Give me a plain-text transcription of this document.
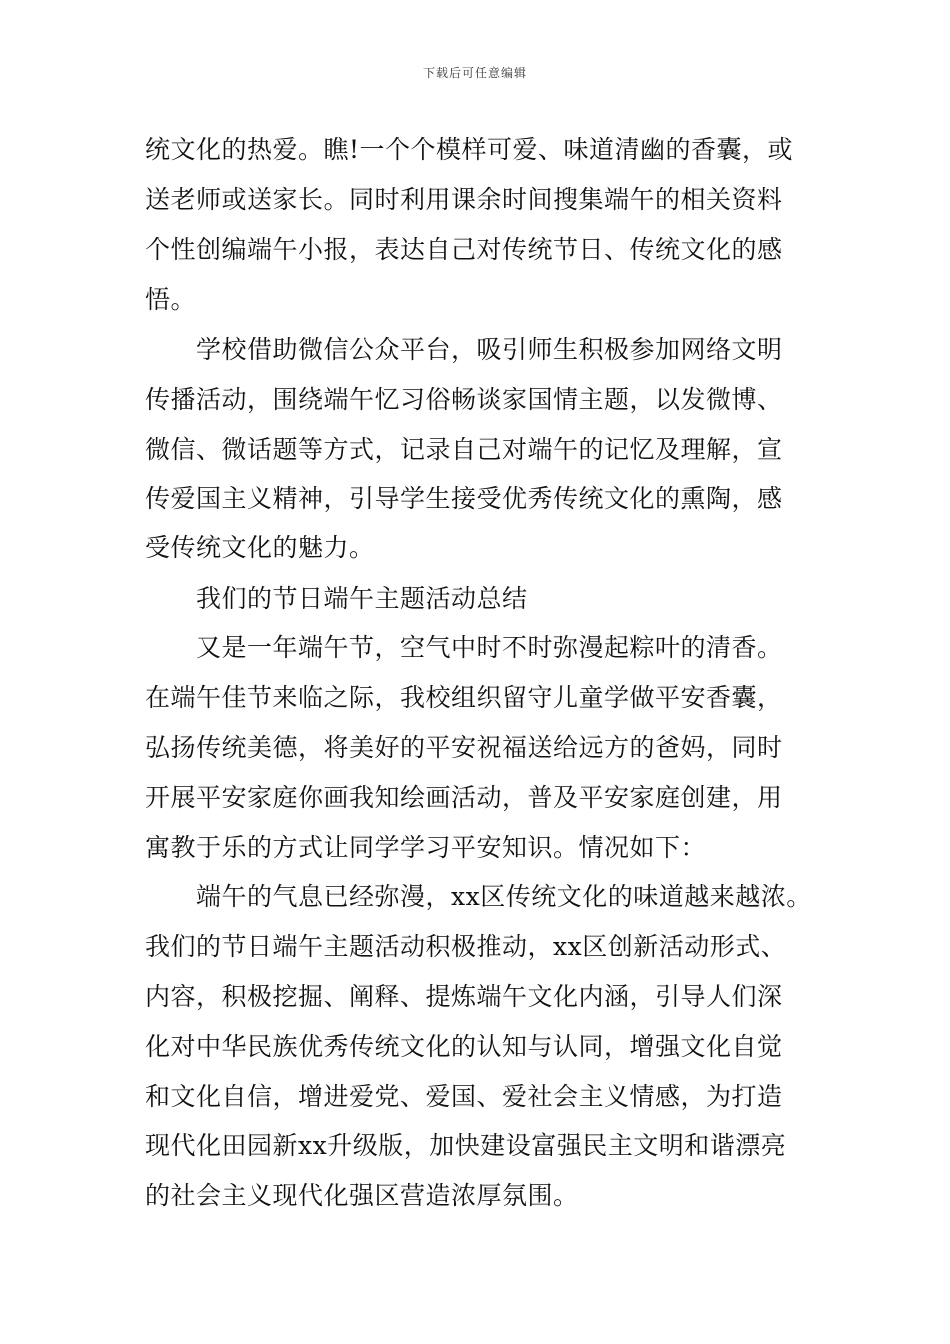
下载后可任意编辑
统文化的热爱。瞧!一个个模样可爱、味道清幽的香囊，或
送老师或送家长。同时利用课余时间搜集端午的相关资料
个性创编端午小报，表达自己对传统节日、传统文化的感
悟。
　　学校借助微信公众平台，吸引师生积极参加网络文明
传播活动，围绕端午忆习俗畅谈家国情主题，以发微博、
微信、微话题等方式，记录自己对端午的记忆及理解，宣
传爱国主义精神，引导学生接受优秀传统文化的熏陶，感
受传统文化的魅力。
　　我们的节日端午主题活动总结
　　又是一年端午节，空气中时不时弥漫起粽叶的清香。
在端午佳节来临之际，我校组织留守儿童学做平安香囊，
弘扬传统美德，将美好的平安祝福送给远方的爸妈，同时
开展平安家庭你画我知绘画活动，普及平安家庭创建，用
寓教于乐的方式让同学学习平安知识。情况如下：
　　端午的气息已经弥漫，xx区传统文化的味道越来越浓。
我们的节日端午主题活动积极推动，xx区创新活动形式、
内容，积极挖掘、阐释、提炼端午文化内涵，引导人们深
化对中华民族优秀传统文化的认知与认同，增强文化自觉
和文化自信，增进爱党、爱国、爱社会主义情感，为打造
现代化田园新xx升级版，加快建设富强民主文明和谐漂亮
的社会主义现代化强区营造浓厚氛围。
